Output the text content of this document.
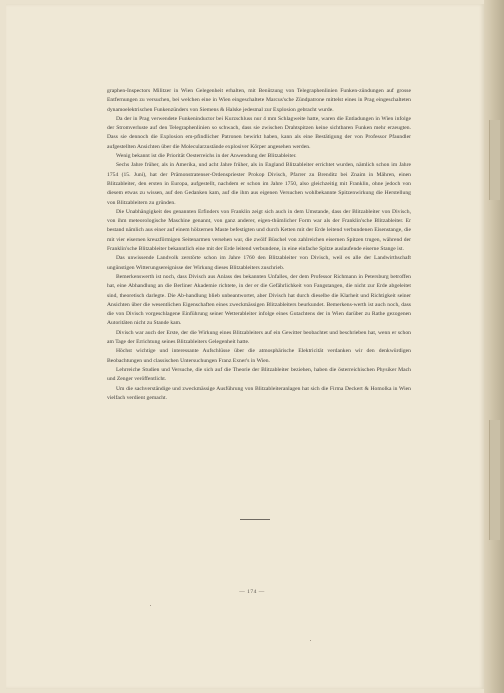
graphen-Inspectors Militzer in Wien Gelegenheit erhalten, mit Benützung von Telegraphenlinien Funken-zündungen auf grosse Entfernungen zu versuchen, bei welchen eine in Wien eingeschaltete Marcus'sche Zündpatrone mittelst eines in Prag eingeschalteten dynamoelektrischen Funkenzünders von Siemens & Halske jedesmal zur Explosion gebracht wurde.

Da der in Prag verwendete Funkeninductor bei Kurzschluss nur 4 mm Schlagweite hatte, waren die Entladungen in Wien infolge der Stromverluste auf den Telegraphenlinien so schwach, dass sie zwischen Drahtspitzen keine sichtbaren Funken mehr erzeugten. Dass sie dennoch die Explosion em-pfindlicher Patronen bewirkt haben, kann als eine Bestätigung der von Professor Pfaundler aufgestellten Ansichten über die Molecularzustände explosiver Körper angesehen werden.

Wenig bekannt ist die Priorität Oesterreichs in der Anwendung der Blitzableiter.

Sechs Jahre früher, als in Amerika, und acht Jahre früher, als in England Blitzableiter errichtet wurden, nämlich schon im Jahre 1754 (15. Juni), hat der Prämonstratenser-Ordenspriester Prokop Divisch, Pfarrer zu Brenditz bei Znaim in Mähren, einen Blitzableiter, den ersten in Europa, aufgestellt, nachdem er schon im Jahre 1750, also gleichzeitig mit Franklin, ohne jedoch von diesem etwas zu wissen, auf den Gedanken kam, auf die ihm aus eigenen Versuchen wohlbekannte Spitzenwirkung die Herstellung von Blitzableitern zu gründen.

Die Unabhängigkeit des genannten Erfinders von Franklin zeigt sich auch in dem Umstande, dass der Blitzableiter von Divisch, von ihm meteorologische Maschine genannt, von ganz anderer, eigen-thümlicher Form war als der Franklin'sche Blitzableiter. Er bestand nämlich aus einer auf einem hölzernen Maste befestigten und durch Ketten mit der Erde leitend verbundenen Eisenstange, die mit vier eisernen kreuzförmigen Seitenarmen versehen war, die zwölf Büschel von zahlreichen eisernen Spitzen trugen, während der Franklin'sche Blitzableiter bekanntlich eine mit der Erde leitend verbundene, in eine einfache Spitze auslaufende eiserne Stange ist.

Das unwissende Landvolk zerstörte schon im Jahre 1760 den Blitzableiter von Divisch, weil es alle der Landwirthschaft ungünstigen Witterungsereignisse der Wirkung dieses Blitzableiters zuschrieb.

Bemerkenswerth ist noch, dass Divisch aus Anlass des bekannten Unfalles, der dem Professor Richmann in Petersburg betroffen hat, eine Abhandlung an die Berliner Akademie richtete, in der er die Gefährlichkeit von Fangstangen, die nicht zur Erde abgeleitet sind, theoretisch darlegte. Die Ab-handlung blieb unbeantwortet, aber Divisch hat durch dieselbe die Klarheit und Richtigkeit seiner Ansichten über die wesentlichen Eigenschaften eines zweckmässigen Blitzableiters beurkundet. Bemerkens-werth ist auch noch, dass die von Divisch vorgeschlagene Einführung seiner Wetterableiter infolge eines Gutachtens der in Wien darüber zu Rathe gezogenen Autoritäten nicht zu Stande kam.

Divisch war auch der Erste, der die Wirkung eines Blitzableiters auf ein Gewitter beobachtet und beschrieben hat, wenn er schon am Tage der Errichtung seines Blitzableiters Gelegenheit hatte.

Höchst wichtige und interessante Aufschlüsse über die atmosphärische Elektricität verdanken wir den denkwürdigen Beobachtungen und classischen Untersuchungen Franz Exner's in Wien.

Lehrreiche Studien und Versuche, die sich auf die Theorie der Blitzableiter beziehen, haben die österreichischen Physiker Mach und Zenger veröffentlicht.

Um die sachverständige und zweckmässige Ausführung von Blitzableiteranlagen hat sich die Firma Deckert & Homolka in Wien vielfach verdient gemacht.

— 174 —
